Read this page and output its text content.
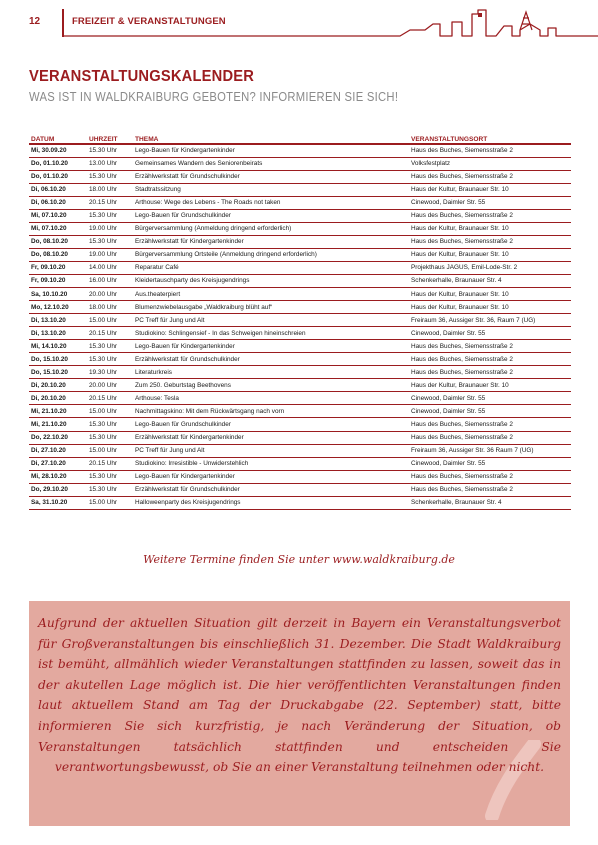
12	FREIZEIT & VERANSTALTUNGEN
VERANSTALTUNGSKALENDER
WAS IST IN WALDKRAIBURG GEBOTEN? INFORMIEREN SIE SICH!
DATUM	UHRZEIT	THEMA	VERANSTALTUNGSORT
Mi, 30.09.20	15.30 Uhr	Lego-Bauen für Kindergartenkinder	Haus des Buches, Siemensstraße 2
Do, 01.10.20	13.00 Uhr	Gemeinsames Wandern des Seniorenbeirats	Volksfestplatz
Do, 01.10.20	15.30 Uhr	Erzählwerkstatt für Grundschulkinder	Haus des Buches, Siemensstraße 2
Di, 06.10.20	18.00 Uhr	Stadtratssitzung	Haus der Kultur, Braunauer Str. 10
Di, 06.10.20	20.15 Uhr	Arthouse: Wege des Lebens - The Roads not taken	Cinewood, Daimler Str. 55
Mi, 07.10.20	15.30 Uhr	Lego-Bauen für Grundschulkinder	Haus des Buches, Siemensstraße 2
Mi, 07.10.20	19.00 Uhr	Bürgerversammlung (Anmeldung dringend erforderlich)	Haus der Kultur, Braunauer Str. 10
Do, 08.10.20	15.30 Uhr	Erzählwerkstatt für Kindergartenkinder	Haus des Buches, Siemensstraße 2
Do, 08.10.20	19.00 Uhr	Bürgerversammlung Ortsteile (Anmeldung dringend erforderlich)	Haus der Kultur, Braunauer Str. 10
Fr, 09.10.20	14.00 Uhr	Reparatur Café	Projekthaus JAGUS, Emil-Lode-Str. 2
Fr, 09.10.20	16.00 Uhr	Kleidertauschparty des Kreisjugendrings	Schenkerhalle, Braunauer Str. 4
Sa, 10.10.20	20.00 Uhr	Aus.theaterpiert	Haus der Kultur, Braunauer Str. 10
Mo, 12.10.20	18.00 Uhr	Blumenzwiebelausgabe „Waldkraiburg blüht auf“	Haus der Kultur, Braunauer Str. 10
Di, 13.10.20	15.00 Uhr	PC Treff für Jung und Alt	Freiraum 36, Aussiger Str. 36, Raum 7 (UG)
Di, 13.10.20	20.15 Uhr	Studiokino: Schlingensief - In das Schweigen hineinschreien	Cinewood, Daimler Str. 55
Mi, 14.10.20	15.30 Uhr	Lego-Bauen für Kindergartenkinder	Haus des Buches, Siemensstraße 2
Do, 15.10.20	15.30 Uhr	Erzählwerkstatt für Grundschulkinder	Haus des Buches, Siemensstraße 2
Do, 15.10.20	19.30 Uhr	Literaturkreis	Haus des Buches, Siemensstraße 2
Di, 20.10.20	20.00 Uhr	Zum 250. Geburtstag Beethovens	Haus der Kultur, Braunauer Str. 10
Di, 20.10.20	20.15 Uhr	Arthouse: Tesla	Cinewood, Daimler Str. 55
Mi, 21.10.20	15.00 Uhr	Nachmittagskino: Mit dem Rückwärtsgang nach vorn	Cinewood, Daimler Str. 55
Mi, 21.10.20	15.30 Uhr	Lego-Bauen für Grundschulkinder	Haus des Buches, Siemensstraße 2
Do, 22.10.20	15.30 Uhr	Erzählwerkstatt für Kindergartenkinder	Haus des Buches, Siemensstraße 2
Di, 27.10.20	15.00 Uhr	PC Treff für Jung und Alt	Freiraum 36, Aussiger Str. 36 Raum 7 (UG)
Di, 27.10.20	20.15 Uhr	Studiokino: Irresistible - Unwiderstehlich	Cinewood, Daimler Str. 55
Mi, 28.10.20	15.30 Uhr	Lego-Bauen für Kindergartenkinder	Haus des Buches, Siemensstraße 2
Do, 29.10.20	15.30 Uhr	Erzählwerkstatt für Grundschulkinder	Haus des Buches, Siemensstraße 2
Sa, 31.10.20	15.00 Uhr	Halloweenparty des Kreisjugendrings	Schenkerhalle, Braunauer Str. 4
Weitere Termine finden Sie unter www.waldkraiburg.de

Aufgrund der aktuellen Situation gilt derzeit in Bayern ein Veranstaltungsverbot für Großveranstaltungen bis einschließlich 31. Dezember. Die Stadt Waldkraiburg ist bemüht, allmählich wieder Veranstaltungen stattfinden zu lassen, soweit das in der akutellen Lage möglich ist. Die hier veröffentlichten Veranstaltungen finden laut aktuellem Stand am Tag der Druckabgabe (22. September) statt, bitte informieren Sie sich kurzfristig, je nach Veränderung der Situation, ob Veranstaltungen tatsächlich stattfinden und entscheiden Sie verantwortungsbewusst, ob Sie an einer Veranstaltung teilnehmen oder nicht.
